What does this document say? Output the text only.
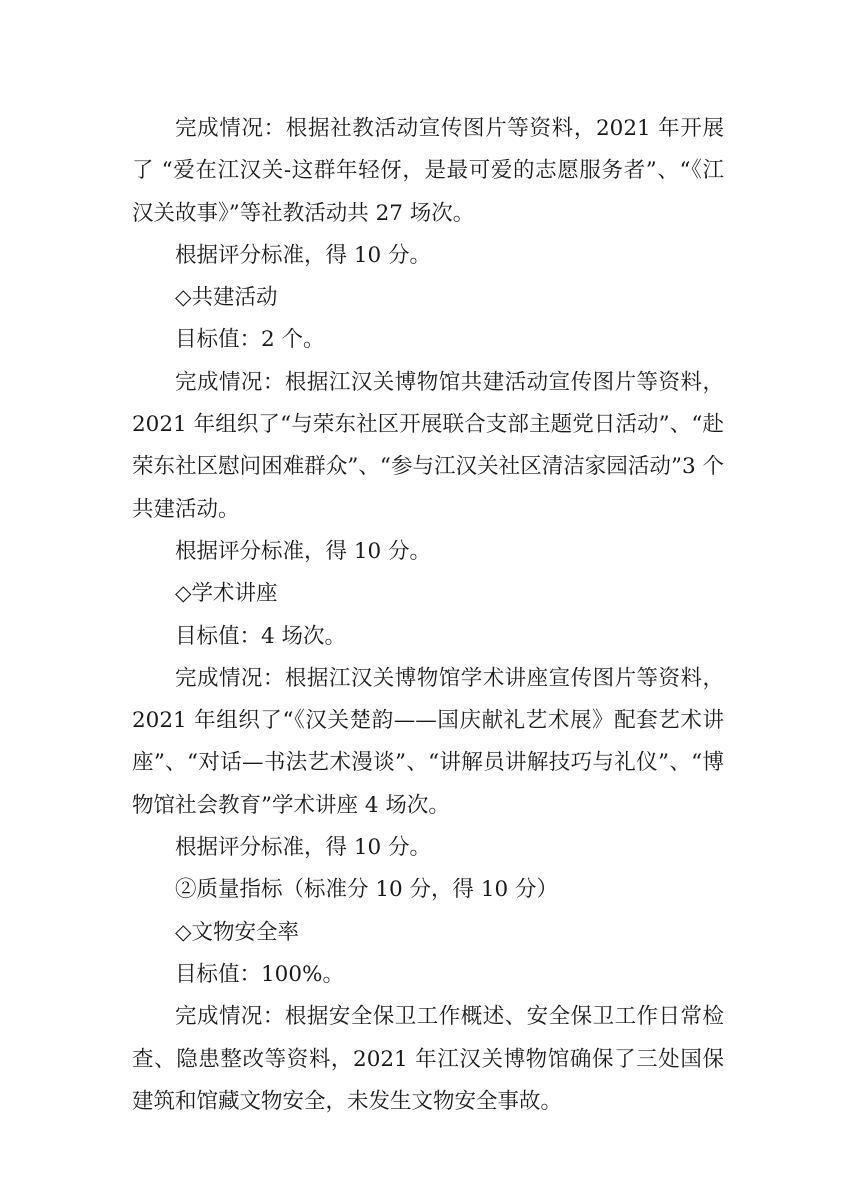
完成情况：根据社教活动宣传图片等资料，2021 年开展了 “爱在江汉关-这群年轻伢，是最可爱的志愿服务者”、“《江汉关故事》”等社教活动共 27 场次。

根据评分标准，得 10 分。

◇共建活动

目标值：2 个。

完成情况：根据江汉关博物馆共建活动宣传图片等资料，2021 年组织了“与荣东社区开展联合支部主题党日活动”、“赴荣东社区慰问困难群众”、“参与江汉关社区清洁家园活动”3 个共建活动。

根据评分标准，得 10 分。

◇学术讲座

目标值：4 场次。

完成情况：根据江汉关博物馆学术讲座宣传图片等资料，2021 年组织了“《汉关楚韵——国庆献礼艺术展》配套艺术讲座”、“对话—书法艺术漫谈”、“讲解员讲解技巧与礼仪”、“博物馆社会教育”学术讲座 4 场次。

根据评分标准，得 10 分。

②质量指标（标准分 10 分，得 10 分）

◇文物安全率

目标值：100%。

完成情况：根据安全保卫工作概述、安全保卫工作日常检查、隐患整改等资料，2021 年江汉关博物馆确保了三处国保建筑和馆藏文物安全，未发生文物安全事故。
